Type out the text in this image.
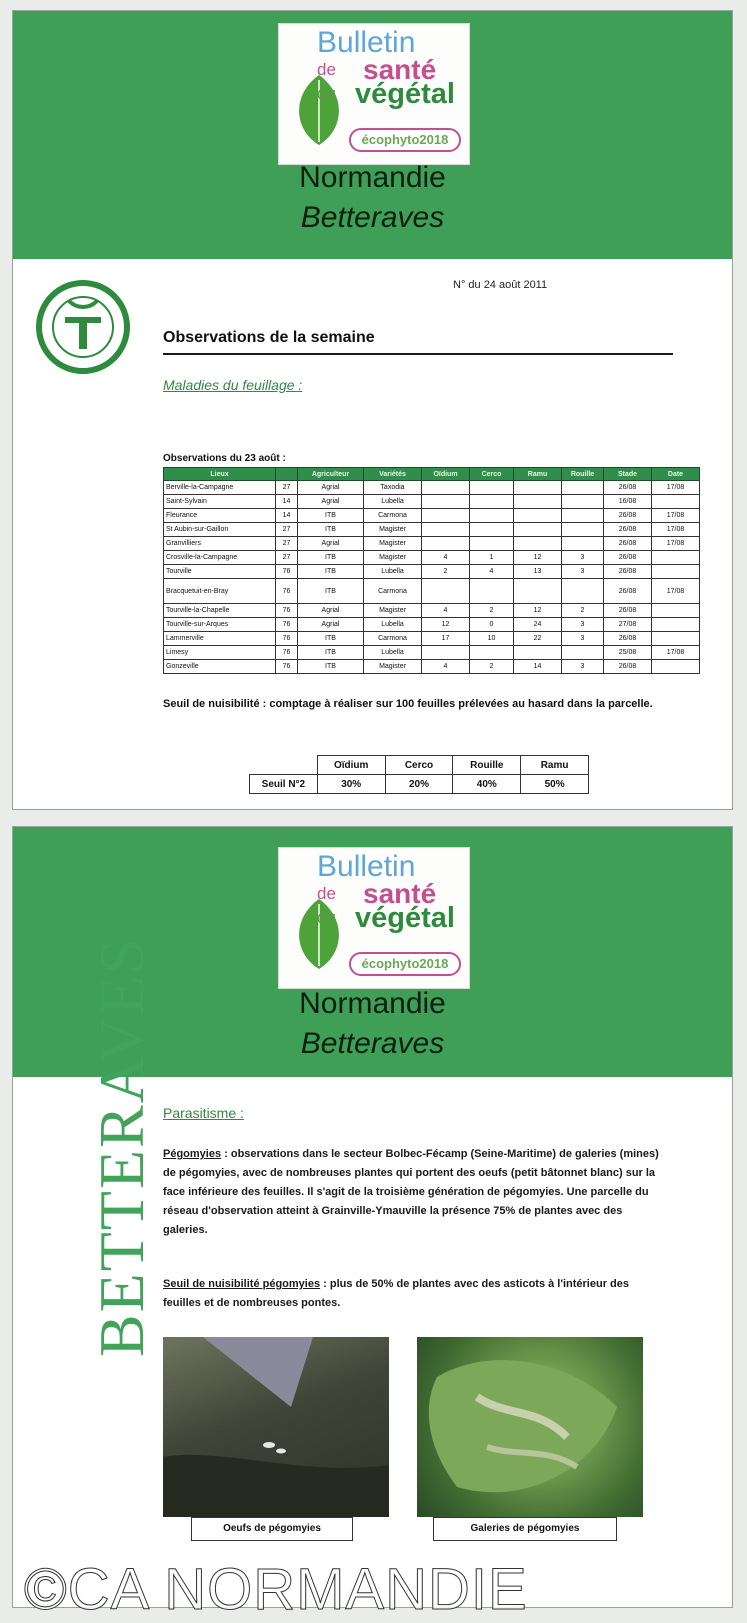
Bulletin
de santé
du végétal
écophyto2018
Normandie
Betteraves
N° du 24 août 2011
Observations de la semaine
Maladies du feuillage :
Observations du 23 août :
Lieux		Agriculteur	Variétés	Oïdium	Cerco	Ramu	Rouille	Stade	Date
Berville-la-Campagne	27	Agrial	Taxodia					26/08	17/08
Saint-Sylvain	14	Agrial	Lubella					16/08	
Fleurance	14	ITB	Carmona					26/08	17/08
St Aubin-sur-Gaillon	27	ITB	Magister					26/08	17/08
Granvilliers	27	Agrial	Magister					26/08	17/08
Crosville-la-Campagne	27	ITB	Magister	4	1	12	3	26/08	
Tourville	76	ITB	Lubella	2	4	13	3	26/08	
Bracquetuit-en-Bray	76	ITB	Carmona					26/08	17/08
Tourville-la-Chapelle	76	Agrial	Magister	4	2	12	2	26/08	
Tourville-sur-Arques	76	Agrial	Lubella	12	0	24	3	27/08	
Lammerville	76	ITB	Carmona	17	10	22	3	26/08	
Limesy	76	ITB	Lubella					25/08	17/08
Gonzeville	76	ITB	Magister	4	2	14	3	26/08	
Seuil de nuisibilité : comptage à réaliser sur 100 feuilles prélevées au hasard dans la parcelle.
	Oïdium	Cerco	Rouille	Ramu
Seuil N°2	30%	20%	40%	50%
Bulletin
de santé
du végétal
écophyto2018
Normandie
Betteraves
BETTERAVES Parasitisme :
Pégomyies : observations dans le secteur Bolbec-Fécamp (Seine-Maritime) de galeries (mines) de pégomyies, avec de nombreuses plantes qui portent des oeufs (petit bâtonnet blanc) sur la face inférieure des feuilles. Il s'agit de la troisième génération de pégomyies. Une parcelle du réseau d'observation atteint à Grainville-Ymauville la présence 75% de plantes avec des galeries.
Seuil de nuisibilité pégomyies : plus de 50% de plantes avec des asticots à l'intérieur des feuilles et de nombreuses pontes.
Oeufs de pégomyies	Galeries de pégomyies
©CA NORMANDIE
